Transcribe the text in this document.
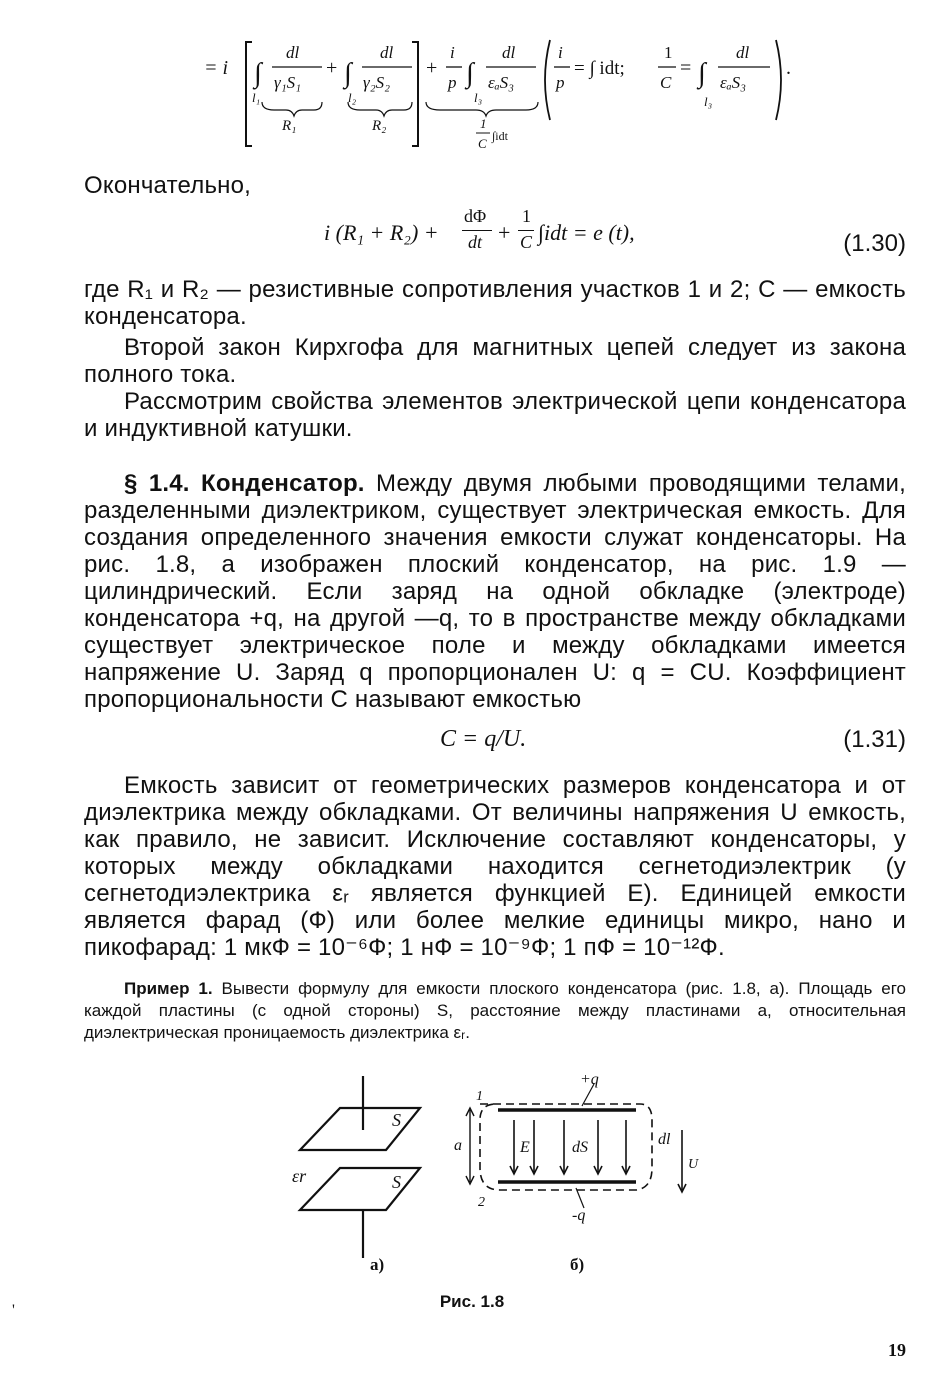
= i ∫
dl
γ₁S₁
l₁
R₁
+ ∫
dl
γ₂S₂
l₂
R₂
+
i
p ∫
dl
εₐS₃
l₃
1
C ∫idt
i
p
= ∫ idt;
1
C
= ∫
dl
εₐS₃
l₃
.

Окончательно,

i (R₁ + R₂) +
dΦ
dt +
1
C ∫idt = e (t),	(1.30)

где R₁ и R₂ — резистивные сопротивления участков 1 и 2; C — емкость конденсатора.

Второй закон Кирхгофа для магнитных цепей следует из закона полного тока.

Рассмотрим свойства элементов электрической цепи конденсатора и индуктивной катушки.

§ 1.4. Конденсатор. Между двумя любыми проводящими телами, разделенными диэлектриком, существует электрическая емкость. Для создания определенного значения емкости служат конденсаторы. На рис. 1.8, а изображен плоский конденсатор, на рис. 1.9 — цилиндрический. Если заряд на одной обкладке (электроде) конденсатора +q, на другой —q, то в пространстве между обкладками существует электрическое поле и между обкладками имеется напряжение U. Заряд q пропорционален U: q = CU. Коэффициент пропорциональности C называют емкостью

C = q/U.	(1.31)

Емкость зависит от геометрических размеров конденсатора и от диэлектрика между обкладками. От величины напряжения U емкость, как правило, не зависит. Исключение составляют конденсаторы, у которых между обкладками находится сегнетодиэлектрик (у сегнетодиэлектрика εᵣ является функцией E). Единицей емкости является фарад (Ф) или более мелкие единицы микро, нано и пикофарад: 1 мкФ = 10⁻⁶Ф; 1 нФ = 10⁻⁹Ф; 1 пФ = 10⁻¹²Ф.

Пример 1. Вывести формулу для емкости плоского конденсатора (рис. 1.8, а). Площадь его каждой пластины (с одной стороны) S, расстояние между пластинами a, относительная диэлектрическая проницаемость диэлектрика εᵣ.

S
S
εr
а)
+q
-q
1
2
a	E	dS	dl
U
б)
Рис. 1.8
19
'
